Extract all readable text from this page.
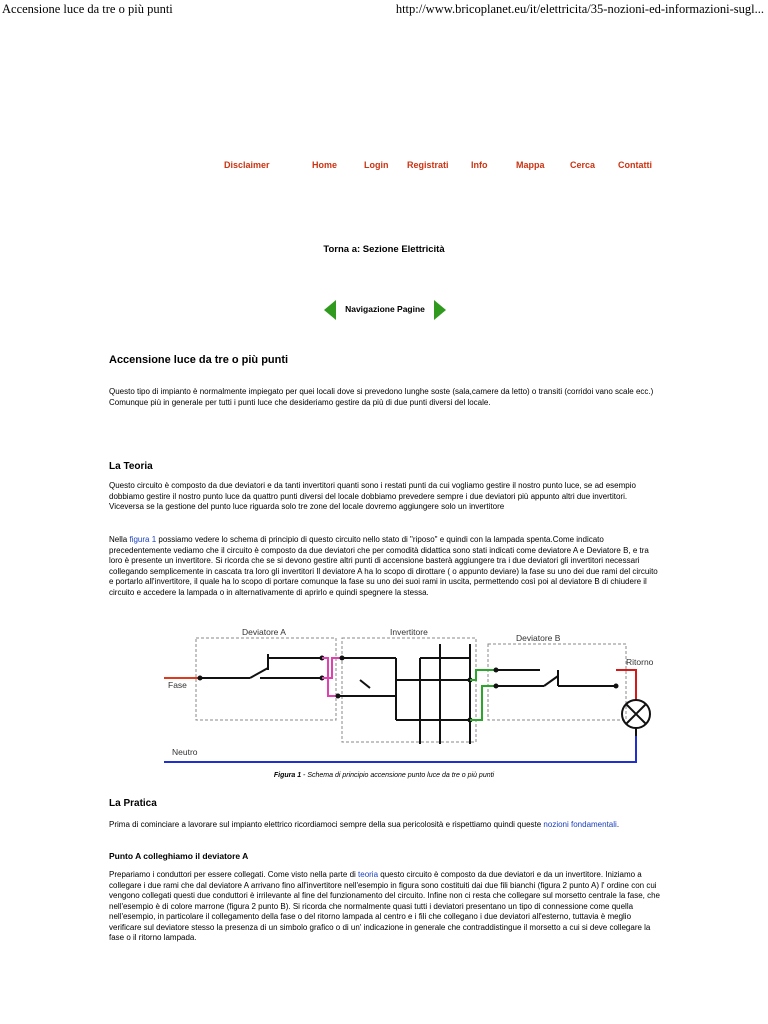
Accensione luce da tre o più punti	http://www.bricoplanet.eu/it/elettricita/35-nozioni-ed-informazioni-sugl...
Disclaimer	Home	Login Registrati Info	Mappa	Cerca	Contatti
Torna a: Sezione Elettricità
Navigazione Pagine
Accensione luce da tre o più punti

Questo tipo di impianto è normalmente impiegato per quei locali dove si prevedono lunghe soste (sala,camere da letto) o transiti (corridoi vano scale ecc.)

Comunque più in generale per tutti i punti luce che desideriamo gestire da più di due punti diversi del locale.

La Teoria
Questo circuito è composto da due deviatori e da tanti invertitori quanti sono i restati punti da cui vogliamo gestire il nostro punto luce, se ad esempio dobbiamo gestire il nostro punto luce da quattro punti diversi del locale dobbiamo prevedere sempre i due deviatori più appunto altri due invertitori. Viceversa se la gestione del punto luce riguarda solo tre zone del locale dovremo aggiungere solo un invertitore
Nella figura 1 possiamo vedere lo schema di principio di questo circuito nello stato di "riposo" e quindi con la lampada spenta.Come indicato precedentemente vediamo che il circuito è composto da due deviatori che per comodità didattica sono stati indicati come deviatore A e Deviatore B, e tra loro è presente un invertitore. Si ricorda che se si devono gestire altri punti di accensione basterà aggiungere tra i due deviatori gli invertitori necessari collegando semplicemente in cascata tra loro gli invertitori Il deviatore A ha lo scopo di dirottare ( o appunto deviare) la fase su uno dei due rami del circuito e portarlo all'invertitore, il quale ha lo scopo di portare comunque la fase su uno dei suoi rami in uscita, permettendo così poi al deviatore B di chiudere il circuito e accedere la lampada o in alternativamente di aprirlo e quindi spegnere la stessa.
Deviatore A	Invertitore
Deviatore B
Fase
Ritorno
Neutro
Figura 1 - Schema di principio accensione punto luce da tre o più punti
La Pratica
Prima di cominciare a lavorare sul impianto elettrico ricordiamoci sempre della sua pericolosità e rispettiamo quindi queste nozioni fondamentali.
Punto A colleghiamo il deviatore A
Prepariamo i conduttori per essere collegati. Come visto nella parte di teoria questo circuito è composto da due deviatori e da un invertitore. Iniziamo a collegare i due rami che dal deviatore A arrivano fino all'invertitore nell'esempio in figura sono costituiti dai due fili bianchi (figura 2 punto A) l' ordine con cui vengono collegati questi due conduttori è irrilevante al fine del funzionamento del circuito. Infine non ci resta che collegare sul morsetto centrale la fase, che nell'esempio è di colore marrone (figura 2 punto B). Si ricorda che normalmente quasi tutti i deviatori presentano un tipo di connessione come quella nell'esempio, in particolare il collegamento della fase o del ritorno lampada al centro e i fili che collegano i due deviatori all'esterno, tuttavia è meglio verificare sul deviatore stesso la presenza di un simbolo grafico o di un' indicazione in generale che contraddistingue il morsetto a cui si deve collegare la fase o il ritorno lampada.
